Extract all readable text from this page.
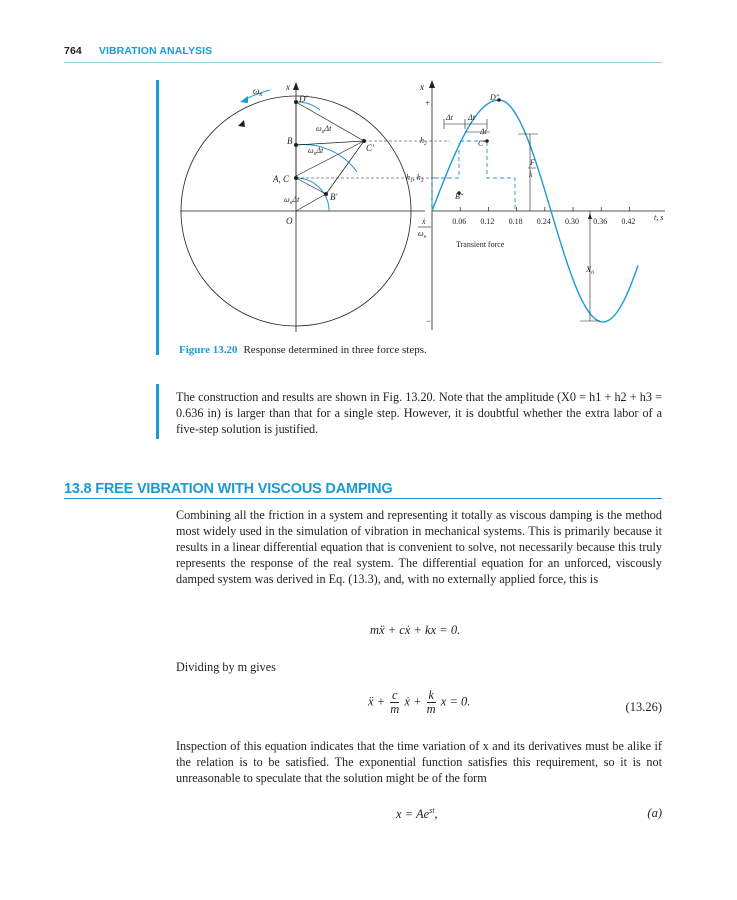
764 VIBRATION ANALYSIS
$\omega_n$
x
D′
B
C′
A, C
B′
O
$\omega_n\Delta t$
$\omega_n\Delta t$
$\omega_n\Delta t$
ẋ
$\omega_n$
x
+
−
Δt Δt
Δt
$h_2$
$h_1$, $h_3$
D″
C″
B″
F
k
$X_0$
0.06 0.12 0.18 0.24 0.30 0.36 0.42 t, s
Transient force
Figure 13.20 Response determined in three force steps.
The construction and results are shown in Fig. 13.20. Note that the amplitude (X0 = h1 + h2 + h3 = 0.636 in) is larger than that for a single step. However, it is doubtful whether the extra labor of a five-step solution is justified.
13.8 FREE VIBRATION WITH VISCOUS DAMPING
Combining all the friction in a system and representing it totally as viscous damping is the method most widely used in the simulation of vibration in mechanical systems. This is primarily because it results in a linear differential equation that is convenient to solve, not necessarily because this truly represents the response of the real system. The differential equation for an unforced, viscously damped system was derived in Eq. (13.3), and, with no externally applied force, this is
mẍ + cẋ + kx = 0.
Dividing by m gives
ẍ + $\frac{c}{m}$ ẋ + $\frac{k}{m}$ x = 0.	(13.26)
Inspection of this equation indicates that the time variation of x and its derivatives must be alike if the relation is to be satisfied. The exponential function satisfies this requirement, so it is not unreasonable to speculate that the solution might be of the form
$x = Ae^{st}$,	(a)
